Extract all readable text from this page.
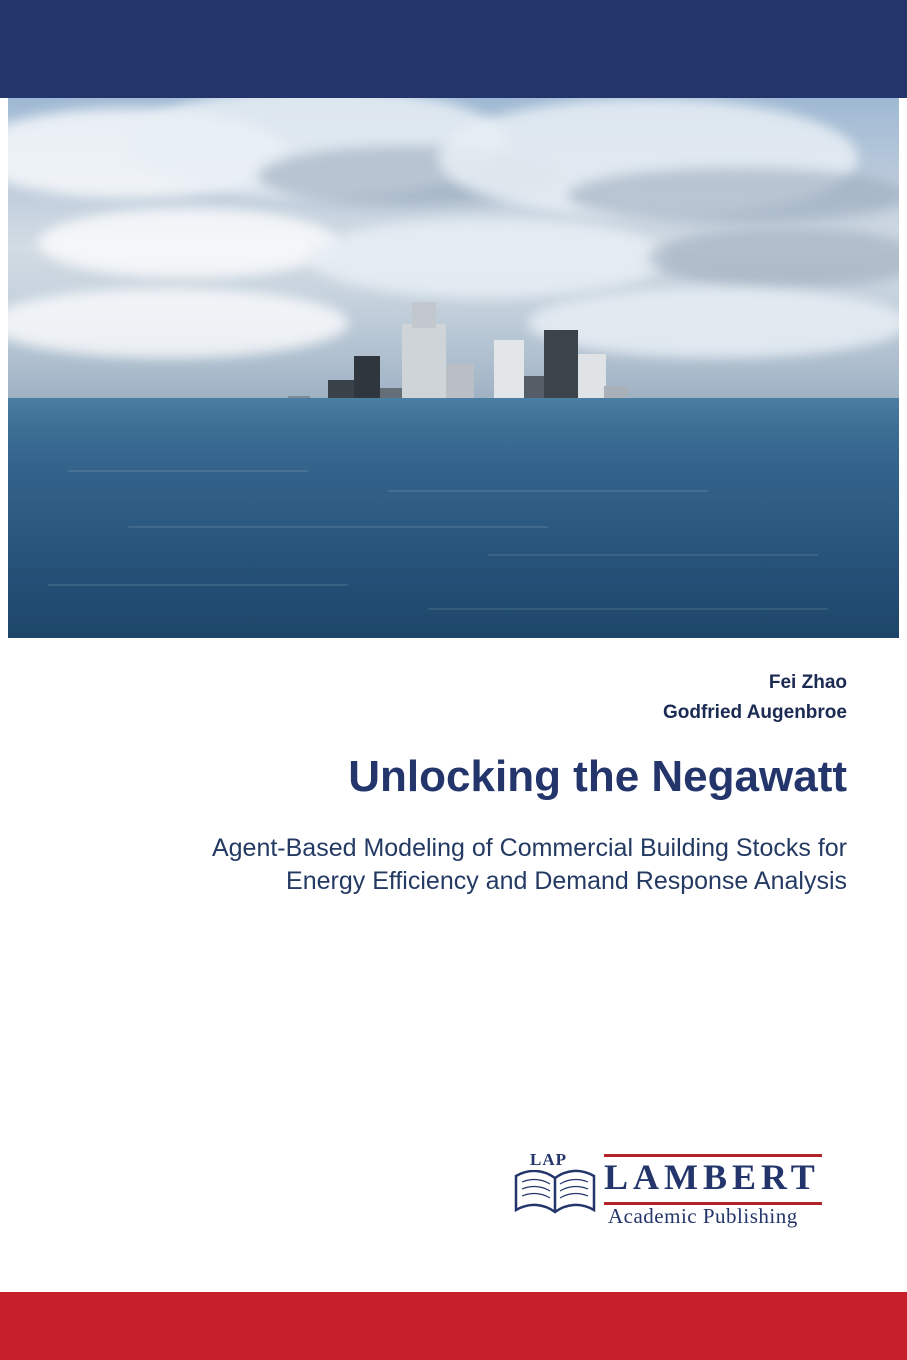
Fei Zhao
Godfried Augenbroe
Unlocking the Negawatt
Agent-Based Modeling of Commercial Building Stocks for Energy Efficiency and Demand Response Analysis
LAP LAMBERT
Academic Publishing
